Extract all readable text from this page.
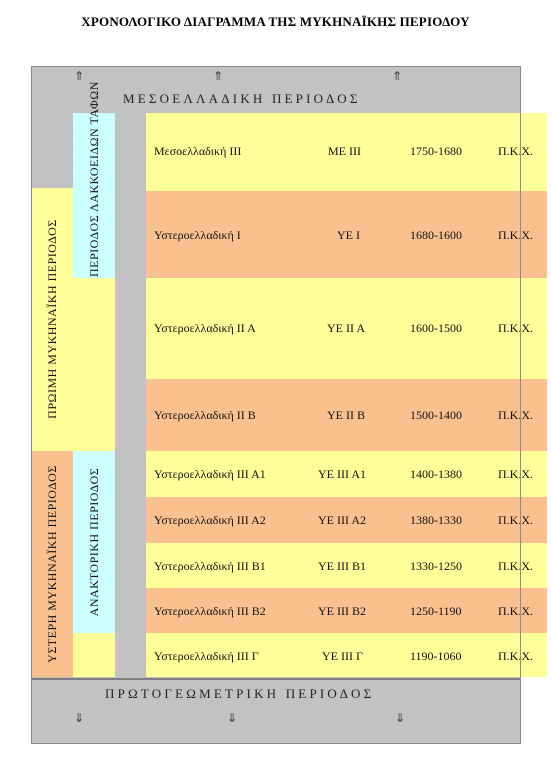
ΧΡΟΝΟΛΟΓΙΚΟ ΔΙΑΓΡΑΜΜΑ ΤΗΣ ΜΥΚΗΝΑΪΚΗΣ ΠΕΡΙΟΔΟΥ
⇑	⇑	⇑
ΜΕΣΟΕΛΛΑΔΙΚΗ ΠΕΡΙΟΔΟΣ
ΠΡΩΙΜΗ ΜΥΚΗΝΑΪΚΗ ΠΕΡΙΟΔΟΣ
ΥΣΤΕΡΗ ΜΥΚΗΝΑΪΚΗ ΠΕΡΙΟΔΟΣ
ΠΕΡΙΟΔΟΣ ΛΑΚΚΟΕΙΔΩΝ ΤΑΦΩΝ
ΑΝΑΚΤΟΡΙΚΗ ΠΕΡΙΟΔΟΣ
Μεσοελλαδική ΙΙΙ	ΜΕ ΙΙΙ	1750-1680	Π.Κ.Χ.
Υστεροελλαδική Ι	ΥΕ Ι	1680-1600	Π.Κ.Χ.
Υστεροελλαδική ΙΙ Α	ΥΕ ΙΙ Α	1600-1500	Π.Κ.Χ.
Υστεροελλαδική ΙΙ Β	ΥΕ ΙΙ Β	1500-1400	Π.Κ.Χ.
Υστεροελλαδική ΙΙΙ Α1	ΥΕ ΙΙΙ Α1	1400-1380	Π.Κ.Χ.
Υστεροελλαδική ΙΙΙ Α2	ΥΕ ΙΙΙ Α2	1380-1330	Π.Κ.Χ.
Υστεροελλαδική ΙΙΙ Β1	ΥΕ ΙΙΙ Β1	1330-1250	Π.Κ.Χ.
Υστεροελλαδική ΙΙΙ Β2	ΥΕ ΙΙΙ Β2	1250-1190	Π.Κ.Χ.
Υστεροελλαδική ΙΙΙ Γ	ΥΕ ΙΙΙ Γ	1190-1060	Π.Κ.Χ.
ΠΡΩΤΟΓΕΩΜΕΤΡΙΚΗ ΠΕΡΙΟΔΟΣ
⇓	⇓	⇓
